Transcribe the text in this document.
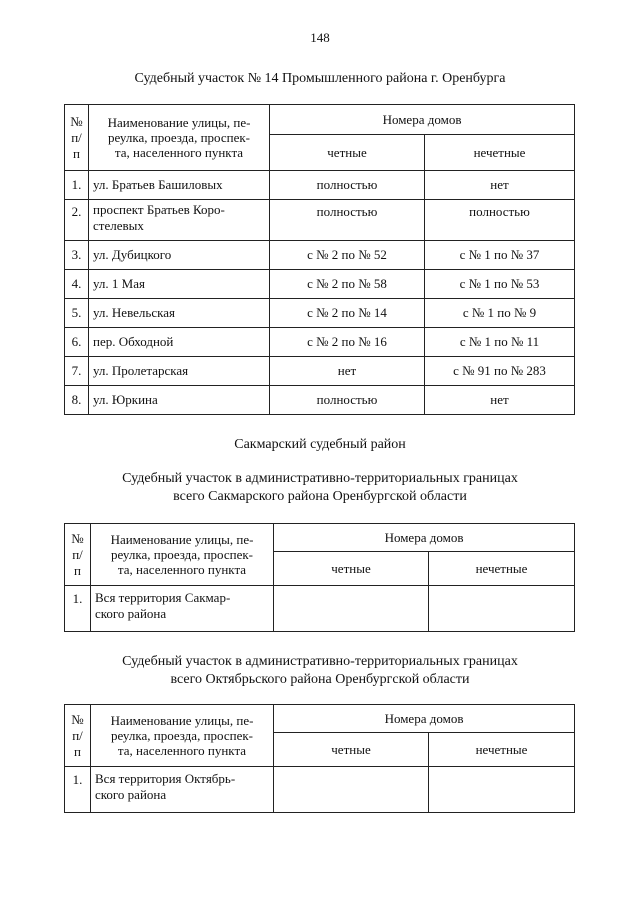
148
Судебный участок № 14 Промышленного района г. Оренбурга
№
п/п	Наименование улицы, пе-
реулка, проезда, проспек-
та, населенного пункта	Номера домов	
		четные	нечетные
1.	ул. Братьев Башиловых	полностью	нет
2.	проспект Братьев Коро-
стелевых	полностью	полностью
3.	ул. Дубицкого	с № 2 по № 52	с № 1 по № 37
4.	ул. 1 Мая	с № 2 по № 58	с № 1 по № 53
5.	ул. Невельская	с № 2 по № 14	с № 1 по № 9
6.	пер. Обходной	с № 2 по № 16	с № 1 по № 11
7.	ул. Пролетарская	нет	с № 91 по № 283
8.	ул. Юркина	полностью	нет
Сакмарский судебный район
Судебный участок в административно-территориальных границах
всего Сакмарского района Оренбургской области
№
п/п	Наименование улицы, пе-
реулка, проезда, проспек-
та, населенного пункта	Номера домов	
		четные	нечетные
1.	Вся территория Сакмар-
ского района		
Судебный участок в административно-территориальных границах
всего Октябрьского района Оренбургской области
№
п/п	Наименование улицы, пе-
реулка, проезда, проспек-
та, населенного пункта	Номера домов	
		четные	нечетные
1.	Вся территория Октябрь-
ского района		
